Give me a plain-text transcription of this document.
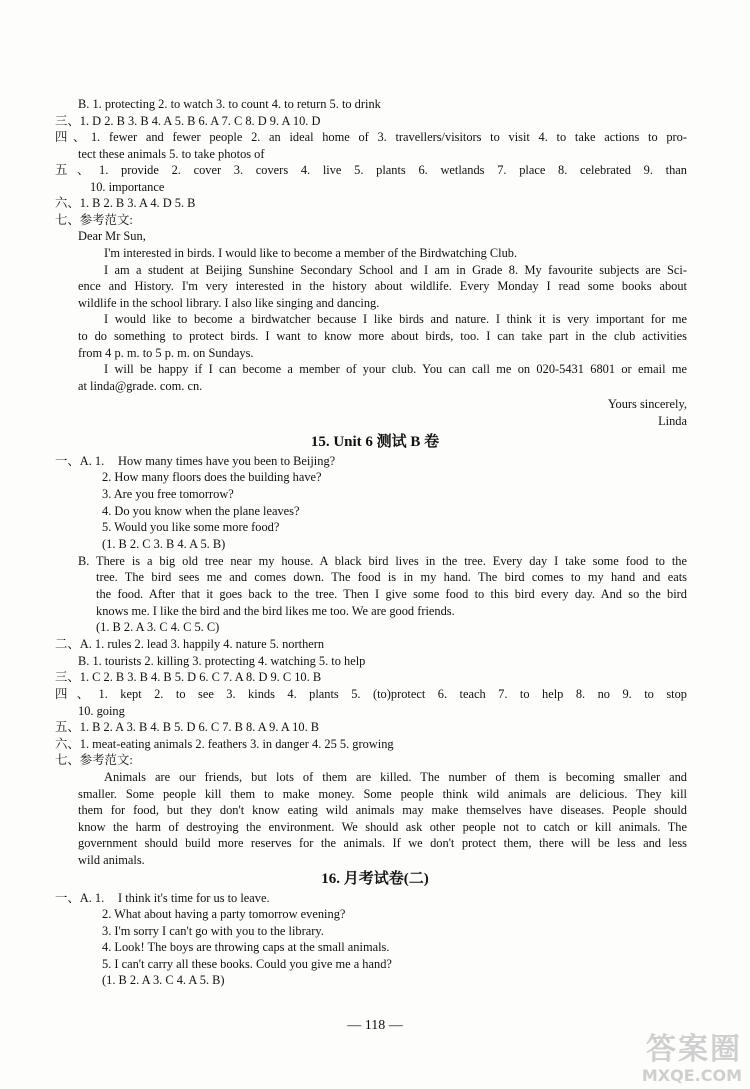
B. 1. protecting 2. to watch 3. to count 4. to return 5. to drink
三、1. D 2. B 3. B 4. A 5. B 6. A 7. C 8. D 9. A 10. D
四、1. fewer and fewer people 2. an ideal home of 3. travellers/visitors to visit 4. to take actions to pro-
tect these animals 5. to take photos of
五、1. provide 2. cover 3. covers 4. live 5. plants 6. wetlands 7. place 8. celebrated 9. than
10. importance
六、1. B 2. B 3. A 4. D 5. B
七、参考范文:
Dear Mr Sun,
I'm interested in birds. I would like to become a member of the Birdwatching Club.
I am a student at Beijing Sunshine Secondary School and I am in Grade 8. My favourite subjects are Sci-
ence and History. I'm very interested in the history about wildlife. Every Monday I read some books about
wildlife in the school library. I also like singing and dancing.
I would like to become a birdwatcher because I like birds and nature. I think it is very important for me
to do something to protect birds. I want to know more about birds, too. I can take part in the club activities
from 4 p. m. to 5 p. m. on Sundays.
I will be happy if I can become a member of your club. You can call me on 020-5431 6801 or email me
at linda@grade. com. cn.
Yours sincerely,
Linda
15. Unit 6 测试 B 卷
一、A. 1. How many times have you been to Beijing?
2. How many floors does the building have?
3. Are you free tomorrow?
4. Do you know when the plane leaves?
5. Would you like some more food?
(1. B 2. C 3. B 4. A 5. B)
B. There is a big old tree near my house. A black bird lives in the tree. Every day I take some food to the
tree. The bird sees me and comes down. The food is in my hand. The bird comes to my hand and eats
the food. After that it goes back to the tree. Then I give some food to this bird every day. And so the bird
knows me. I like the bird and the bird likes me too. We are good friends.
(1. B 2. A 3. C 4. C 5. C)
二、A. 1. rules 2. lead 3. happily 4. nature 5. northern
B. 1. tourists 2. killing 3. protecting 4. watching 5. to help
三、1. C 2. B 3. B 4. B 5. D 6. C 7. A 8. D 9. C 10. B
四、1. kept 2. to see 3. kinds 4. plants 5. (to)protect 6. teach 7. to help 8. no 9. to stop
10. going
五、1. B 2. A 3. B 4. B 5. D 6. C 7. B 8. A 9. A 10. B
六、1. meat-eating animals 2. feathers 3. in danger 4. 25 5. growing
七、参考范文:
Animals are our friends, but lots of them are killed. The number of them is becoming smaller and
smaller. Some people kill them to make money. Some people think wild animals are delicious. They kill
them for food, but they don't know eating wild animals may make themselves have diseases. People should
know the harm of destroying the environment. We should ask other people not to catch or kill animals. The
government should build more reserves for the animals. If we don't protect them, there will be less and less
wild animals.
16. 月考试卷(二)
一、A. 1. I think it's time for us to leave.
2. What about having a party tomorrow evening?
3. I'm sorry I can't go with you to the library.
4. Look! The boys are throwing caps at the small animals.
5. I can't carry all these books. Could you give me a hand?
(1. B 2. A 3. C 4. A 5. B)
— 118 —
答案圈
MXQE.COM
